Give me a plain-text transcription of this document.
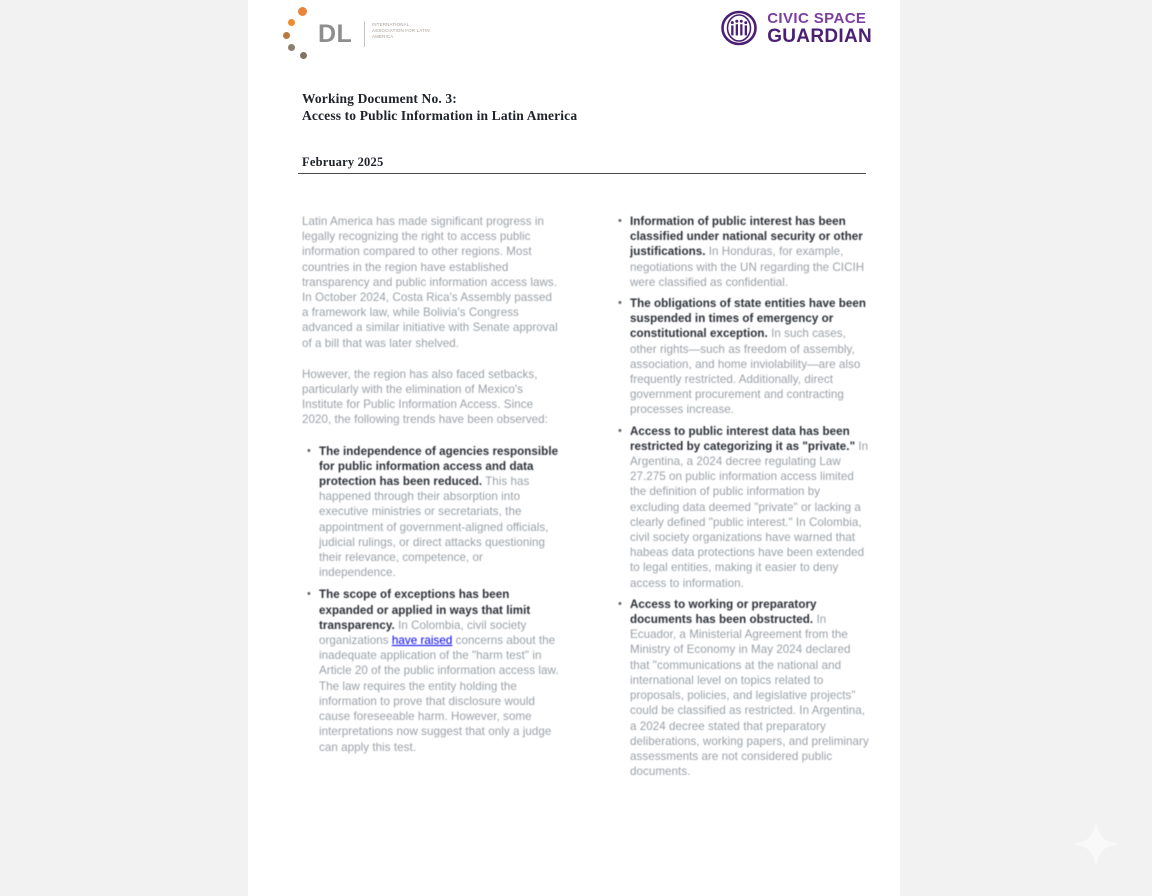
DL	INTERNATIONAL ASSOCIATION FOR LATIN AMERICA
CIVIC SPACE
GUARDIAN
Working Document No. 3:
Access to Public Information in Latin America
February 2025

Latin America has made significant progress in legally recognizing the right to access public information compared to other regions. Most countries in the region have established transparency and public information access laws. In October 2024, Costa Rica's Assembly passed a framework law, while Bolivia's Congress advanced a similar initiative with Senate approval of a bill that was later shelved.

However, the region has also faced setbacks, particularly with the elimination of Mexico's Institute for Public Information Access. Since 2020, the following trends have been observed:

• The independence of agencies responsible for public information access and data protection has been reduced. This has happened through their absorption into executive ministries or secretariats, the appointment of government-aligned officials, judicial rulings, or direct attacks questioning their relevance, competence, or independence.
• The scope of exceptions has been expanded or applied in ways that limit transparency. In Colombia, civil society organizations have raised concerns about the inadequate application of the "harm test" in Article 20 of the public information access law. The law requires the entity holding the information to prove that disclosure would cause foreseeable harm. However, some interpretations now suggest that only a judge can apply this test.
• Information of public interest has been classified under national security or other justifications. In Honduras, for example, negotiations with the UN regarding the CICIH were classified as confidential.
• The obligations of state entities have been suspended in times of emergency or constitutional exception. In such cases, other rights—such as freedom of assembly, association, and home inviolability—are also frequently restricted. Additionally, direct government procurement and contracting processes increase.
• Access to public interest data has been restricted by categorizing it as "private." In Argentina, a 2024 decree regulating Law 27.275 on public information access limited the definition of public information by excluding data deemed "private" or lacking a clearly defined "public interest." In Colombia, civil society organizations have warned that habeas data protections have been extended to legal entities, making it easier to deny access to information.
• Access to working or preparatory documents has been obstructed. In Ecuador, a Ministerial Agreement from the Ministry of Economy in May 2024 declared that "communications at the national and international level on topics related to proposals, policies, and legislative projects" could be classified as restricted. In Argentina, a 2024 decree stated that preparatory deliberations, working papers, and preliminary assessments are not considered public documents.
